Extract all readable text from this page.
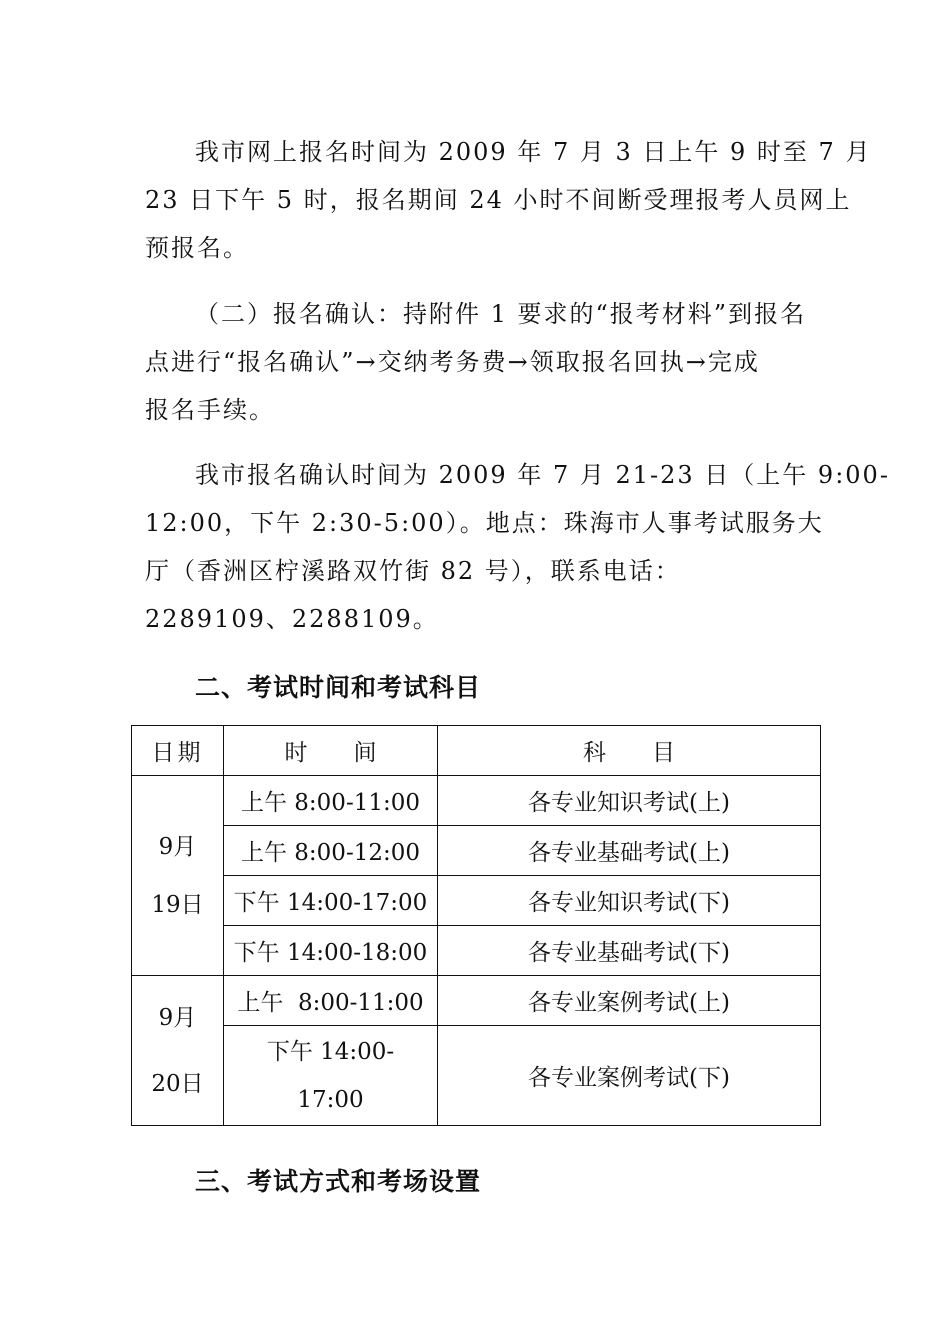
我市网上报名时间为 2009 年 7 月 3 日上午 9 时至 7 月
23 日下午 5 时，报名期间 24 小时不间断受理报考人员网上
预报名。
（二）报名确认：持附件 1 要求的“报考材料”到报名
点进行“报名确认”→交纳考务费→领取报名回执→完成
报名手续。
我市报名确认时间为 2009 年 7 月 21-23 日（上午 9:00-
12:00，下午 2:30-5:00）。地点：珠海市人事考试服务大
厅（香洲区柠溪路双竹街 82 号），联系电话：
2289109、2288109。
二、考试时间和考试科目
日期	时　　间	科　　目

9月
19日	上午 8:00-11:00	各专业知识考试(上)
	上午 8:00-12:00	各专业基础考试(上)
	下午 14:00-17:00	各专业知识考试(下)
	下午 14:00-18:00	各专业基础考试(下)

9月
20日	上午  8:00-11:00	各专业案例考试(上)

	下午 14:00-
17:00	各专业案例考试(下)
三、考试方式和考场设置
